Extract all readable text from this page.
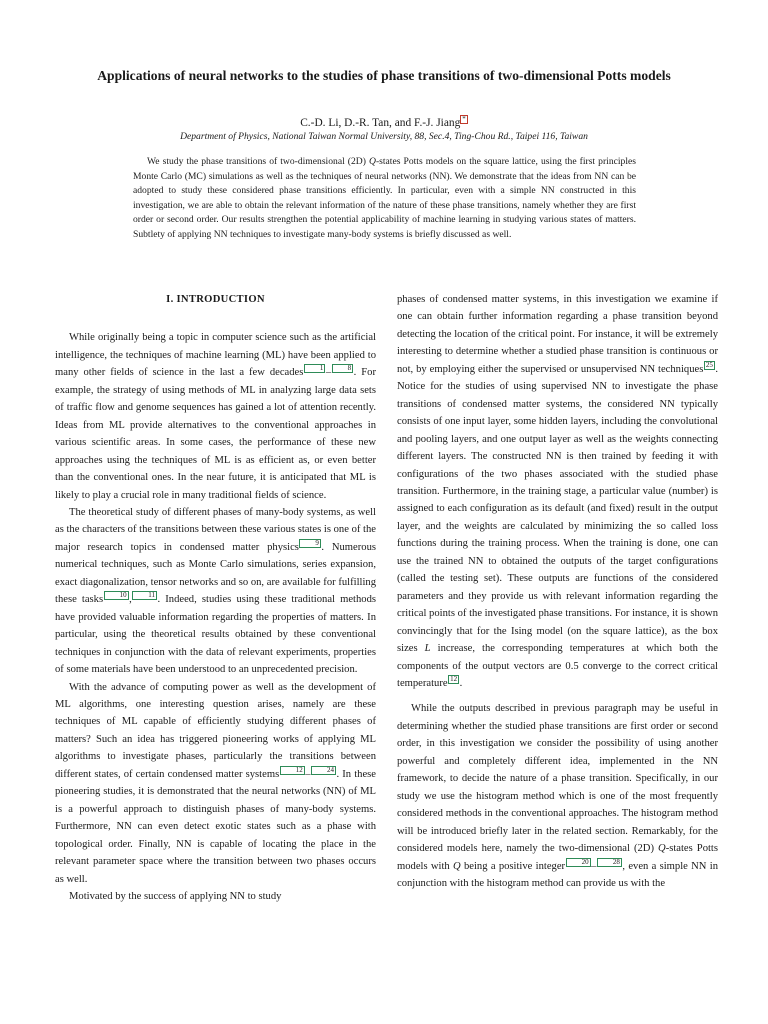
Applications of neural networks to the studies of phase transitions of two-dimensional Potts models
C.-D. Li, D.-R. Tan, and F.-J. Jiang *
Department of Physics, National Taiwan Normal University, 88, Sec.4, Ting-Chou Rd., Taipei 116, Taiwan
We study the phase transitions of two-dimensional (2D) Q-states Potts models on the square lattice, using the first principles Monte Carlo (MC) simulations as well as the techniques of neural networks (NN). We demonstrate that the ideas from NN can be adopted to study these considered phase transitions efficiently. In particular, even with a simple NN constructed in this investigation, we are able to obtain the relevant information of the nature of these phase transitions, namely whether they are first order or second order. Our results strengthen the potential applicability of machine learning in studying various states of matters. Subtlety of applying NN techniques to investigate many-body systems is briefly discussed as well.
I. INTRODUCTION

While originally being a topic in computer science such as the artificial intelligence, the techniques of machine learning (ML) have been applied to many other fields of science in the last a few decades 1 – 8 . For example, the strategy of using methods of ML in analyzing large data sets of traffic flow and genome sequences has gained a lot of attention recently. Ideas from ML provide alternatives to the conventional approaches in various scientific areas. In some cases, the performance of these new approaches using the techniques of ML is as efficient as, or even better than the conventional ones. In the near future, it is anticipated that ML is likely to play a crucial role in many traditional fields of science.

The theoretical study of different phases of many-body systems, as well as the characters of the transitions between these various states is one of the major research topics in condensed matter physics 9 . Numerous numerical techniques, such as Monte Carlo simulations, series expansion, exact diagonalization, tensor networks and so on, are available for fulfilling these tasks 10 , 11 . Indeed, studies using these traditional methods have provided valuable information regarding the properties of matters. In particular, using the theoretical results obtained by these conventional techniques in conjunction with the data of relevant experiments, properties of some materials have been understood to an unprecedented precision.

With the advance of computing power as well as the development of ML algorithms, one interesting question arises, namely are these techniques of ML capable of efficiently studying different phases of matters? Such an idea has triggered pioneering works of applying ML algorithms to investigate phases, particularly the transitions between different states, of certain condensed matter systems 12 – 24 . In these pioneering studies, it is demonstrated that the neural networks (NN) of ML is a powerful approach to distinguish phases of many-body systems. Furthermore, NN can even detect exotic states such as a phase with topological order. Finally, NN is capable of locating the place in the relevant parameter space where the transition between two phases occurs as well.

Motivated by the success of applying NN to study

phases of condensed matter systems, in this investigation we examine if one can obtain further information regarding a phase transition beyond detecting the location of the critical point. For instance, it will be extremely interesting to determine whether a studied phase transition is continuous or not, by employing either the supervised or unsupervised NN techniques 25 . Notice for the studies of using supervised NN to investigate the phase transitions of condensed matter systems, the considered NN typically consists of one input layer, some hidden layers, including the convolutional and pooling layers, and one output layer as well as the weights connecting different layers. The constructed NN is then trained by feeding it with configurations of the two phases associated with the studied phase transition. Furthermore, in the training stage, a particular value (number) is assigned to each configuration as its default (and fixed) result in the output layer, and the weights are calculated by minimizing the so called loss functions during the training process. When the training is done, one can use the trained NN to obtained the outputs of the target configurations (called the testing set). These outputs are functions of the considered parameters and they provide us with relevant information regarding the critical points of the investigated phase transitions. For instance, it is shown convincingly that for the Ising model (on the square lattice), as the box sizes L increase, the corresponding temperatures at which both the components of the output vectors are 0.5 converge to the correct critical temperature 12 .

While the outputs described in previous paragraph may be useful in determining whether the studied phase transitions are first order or second order, in this investigation we consider the possibility of using another powerful and completely different idea, implemented in the NN framework, to decide the nature of a phase transition. Specifically, in our study we use the histogram method which is one of the most frequently considered methods in the conventional approaches. The histogram method will be introduced briefly later in the related section. Remarkably, for the considered models here, namely the two-dimensional (2D) Q-states Potts models with Q being a positive integer 20 – 28 , even a simple NN in conjunction with the histogram method can provide us with the
